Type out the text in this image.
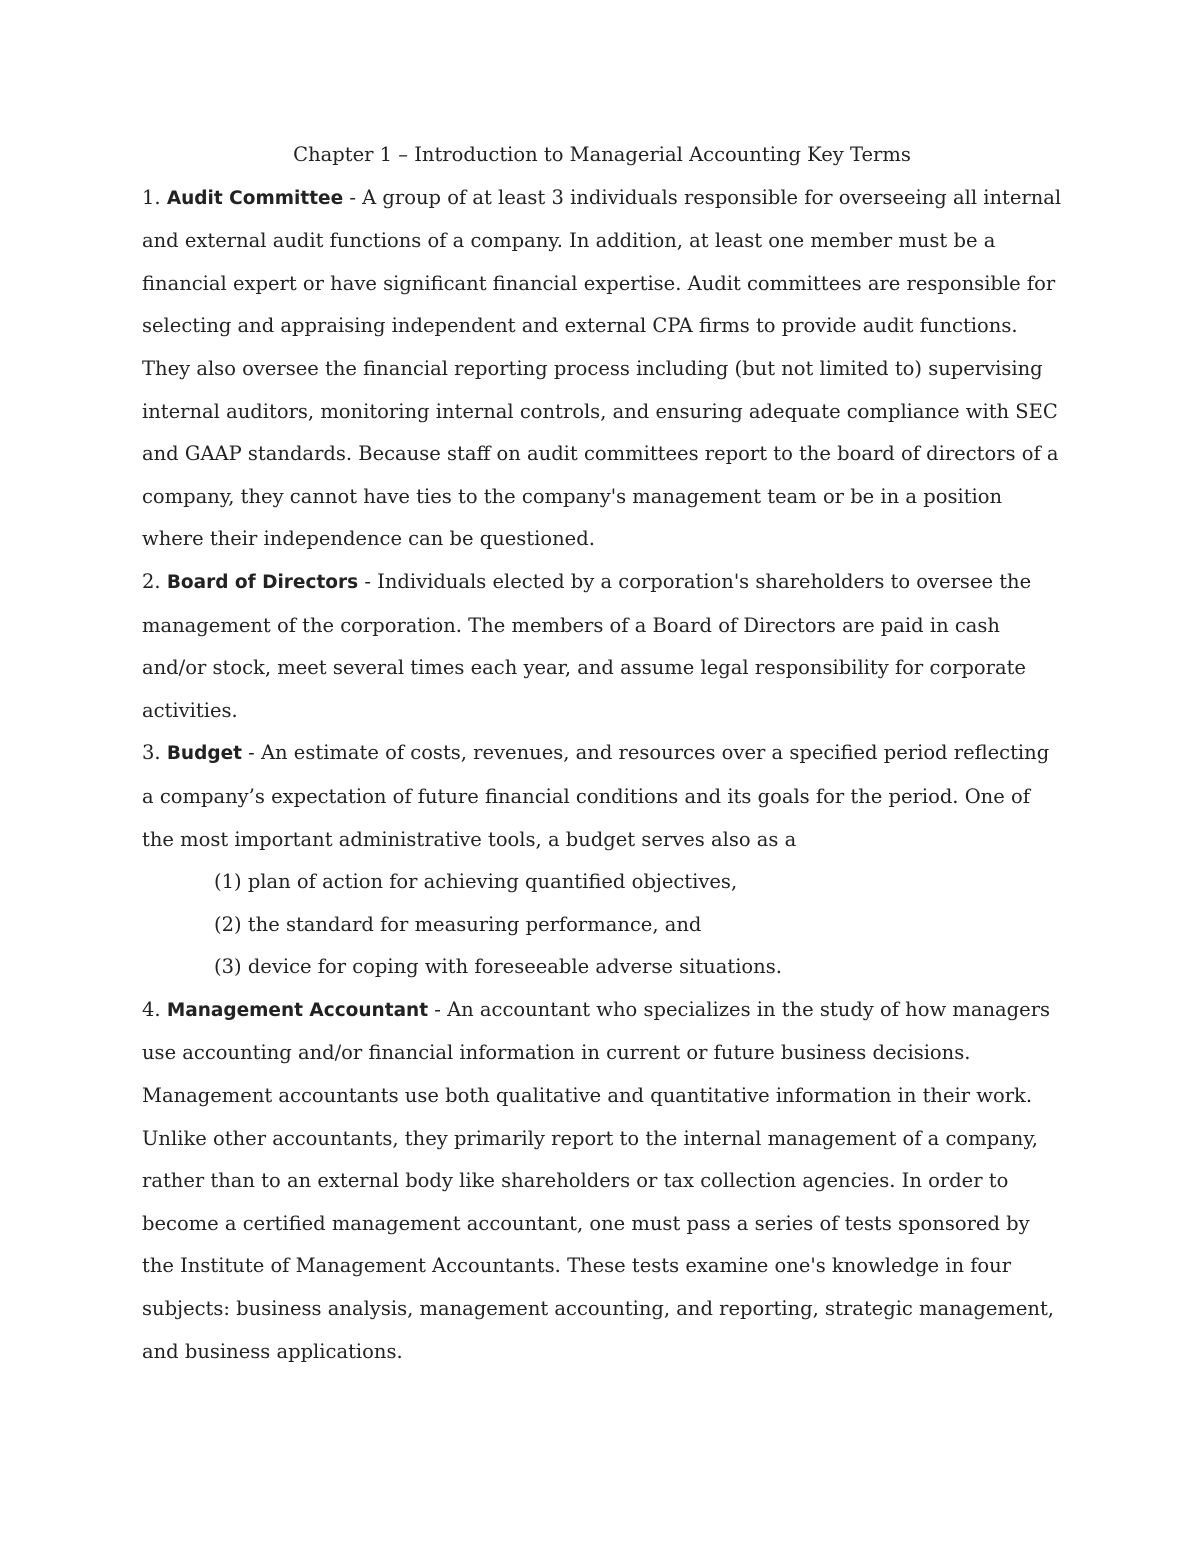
Chapter 1 – Introduction to Managerial Accounting Key Terms

1. Audit Committee - A group of at least 3 individuals responsible for overseeing all internal and external audit functions of a company. In addition, at least one member must be a financial expert or have significant financial expertise. Audit committees are responsible for selecting and appraising independent and external CPA firms to provide audit functions. They also oversee the financial reporting process including (but not limited to) supervising internal auditors, monitoring internal controls, and ensuring adequate compliance with SEC and GAAP standards. Because staff on audit committees report to the board of directors of a company, they cannot have ties to the company's management team or be in a position where their independence can be questioned.

2. Board of Directors - Individuals elected by a corporation's shareholders to oversee the management of the corporation. The members of a Board of Directors are paid in cash and/or stock, meet several times each year, and assume legal responsibility for corporate activities.

3. Budget - An estimate of costs, revenues, and resources over a specified period reflecting a company’s expectation of future financial conditions and its goals for the period. One of the most important administrative tools, a budget serves also as a

(1) plan of action for achieving quantified objectives,
(2) the standard for measuring performance, and
(3) device for coping with foreseeable adverse situations.

4. Management Accountant - An accountant who specializes in the study of how managers use accounting and/or financial information in current or future business decisions. Management accountants use both qualitative and quantitative information in their work. Unlike other accountants, they primarily report to the internal management of a company, rather than to an external body like shareholders or tax collection agencies. In order to become a certified management accountant, one must pass a series of tests sponsored by the Institute of Management Accountants. These tests examine one's knowledge in four subjects: business analysis, management accounting, and reporting, strategic management, and business applications.
